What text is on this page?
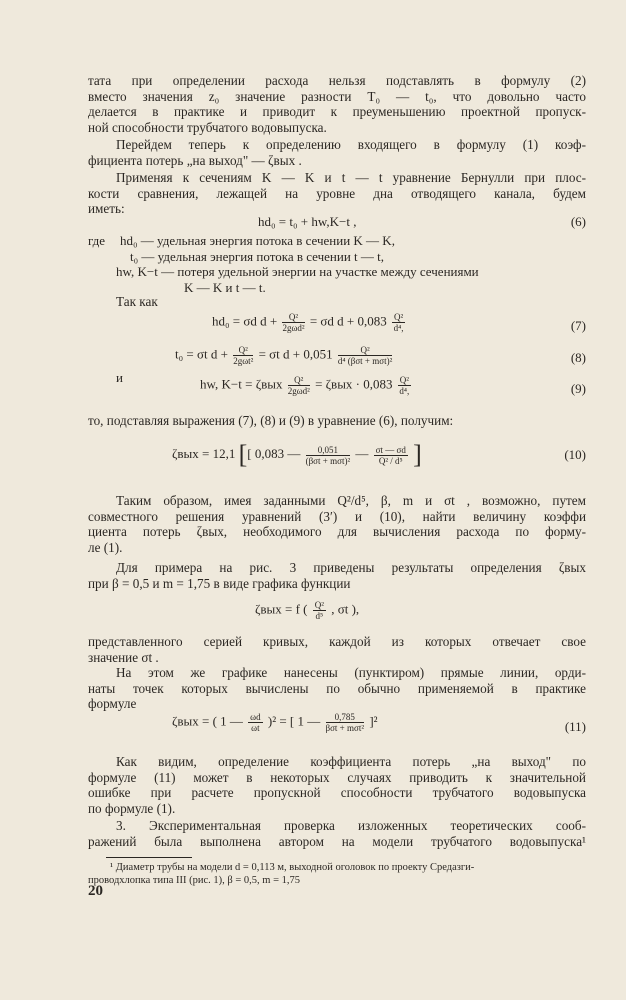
тата при определении расхода нельзя подставлять в формулу (2)
вместо значения z₀ значение разности T₀ — t₀, что довольно часто
делается в практике и приводит к преуменьшению проектной пропуск-
ной способности трубчатого водовыпуска.
Перейдем теперь к определению входящего в формулу (1) коэф-
фициента потерь „на выход" — ζвых .
Применяя к сечениям K — K и t — t уравнение Бернулли при плос-
кости сравнения, лежащей на уровне дна отводящего канала, будем
иметь:
hd₀ = t₀ + hw,K−t ,	(6)
где	hd₀ — удельная энергия потока в сечении K — K,
t₀ — удельная энергия потока в сечении t — t,
hw, K−t — потеря удельной энергии на участке между сечениями
K — K и t — t.
Так как
hd₀ = σd $d + \frac{\text{Q²}}{\text{2gωd²}} = \sigma d$ $d + 0,083 \frac{\text{Q²}}{\text{d⁴,}}$	(7)
t₀ = σt $d + \frac{\text{Q²}}{\text{2gωt²}} = \sigma t$ $d + 0,051 \frac{\text{Q²}}{\text{d⁴ (βσt + mσt)²}}$	(8)
и	hw, K−t = ζвых $\frac{\text{Q²}}{\text{2gωd²}} = \zeta вых \cdot 0,083 \frac{\text{Q²}}{\text{d⁴,}}$	(9)
то, подставляя выражения (7), (8) и (9) в уравнение (6), получим:
ζвых = 12,1 [[ 0,083 — $\frac{0,051}{\text{(βσt + mσt)²}}$ — $\frac{\sigma t — \sigma d}{\text{Q² / d⁵}}$ ]	(10)
Таким образом, имея заданными Q²/d⁵, β, m и σt , возможно, путем
совместного решения уравнений (3′) и (10), найти величину коэффи
циента потерь ζвых, необходимого для вычисления расхода по форму-
ле (1).
Для примера на рис. 3 приведены результаты определения ζвых
при β = 0,5 и m = 1,75 в виде графика функции
ζвых = f ( $\frac{\text{Q²}}{\text{d⁵}}$ , σt ),
представленного серией кривых, каждой из которых отвечает свое
значение σt .
На этом же графике нанесены (пунктиром) прямые линии, орди-
наты точек которых вычислены по обычно применяемой в практике
формуле
ζвых = ( 1 — $\frac{\omega d}{\omega t} )^2$ = [ 1 — $\frac{0,785}{\text{βσt + mσt²}} ]^2$	(11)
Как видим, определение коэффициента потерь „на выход" по
формуле (11) может в некоторых случаях приводить к значительной
ошибке при расчете пропускной способности трубчатого водовыпуска
по формуле (1).
3. Экспериментальная проверка изложенных теоретических сооб-
ражений была выполнена автором на модели трубчатого водовыпуска¹
¹ Диаметр трубы на модели d = 0,113 м, выходной оголовок по проекту Средазги-
проводхлопка типа III (рис. 1), β = 0,5, m = 1,75
20
